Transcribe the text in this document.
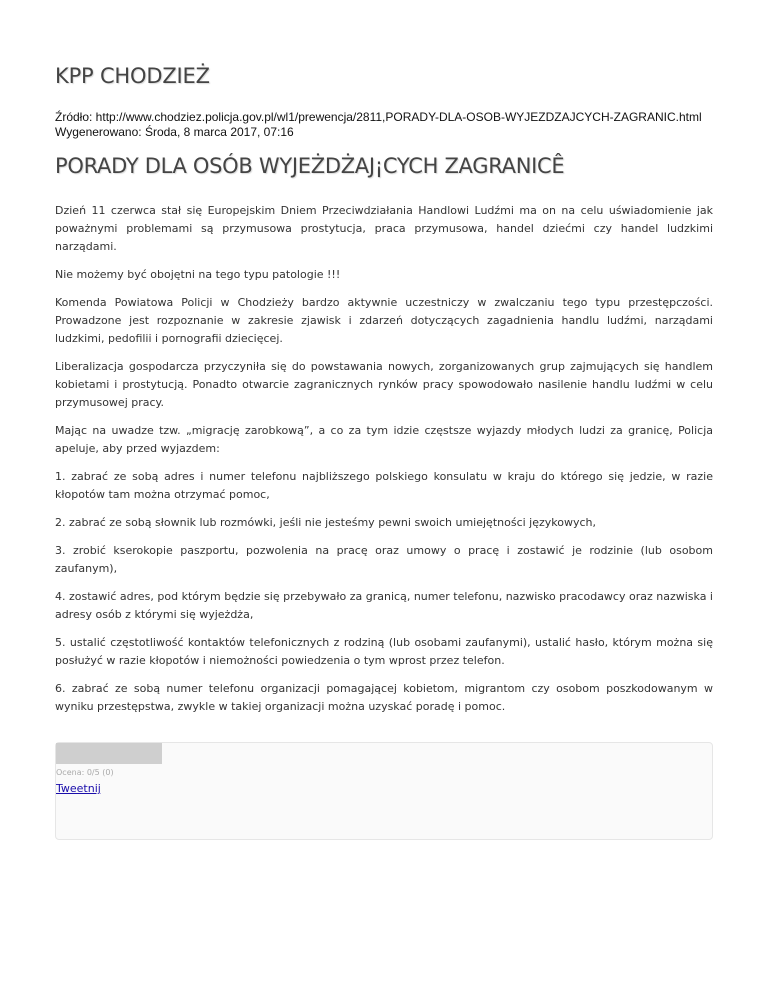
KPP CHODZIEŻ
Źródło: http://www.chodziez.policja.gov.pl/wl1/prewencja/2811,PORADY-DLA-OSOB-WYJEZDZAJCYCH-ZAGRANIC.html
Wygenerowano: Środa, 8 marca 2017, 07:16
PORADY DLA OSÓB WYJEŻDŻAJ¡CYCH ZAGRANICÊ

Dzień 11 czerwca stał się Europejskim Dniem Przeciwdziałania Handlowi Ludźmi ma on na celu uświadomienie jak poważnymi problemami są przymusowa prostytucja, praca przymusowa, handel dziećmi czy handel ludzkimi narządami.

Nie możemy być obojętni na tego typu patologie !!!

Komenda Powiatowa Policji w Chodzieży bardzo aktywnie uczestniczy w zwalczaniu tego typu przestępczości. Prowadzone jest rozpoznanie w zakresie zjawisk i zdarzeń dotyczących zagadnienia handlu ludźmi, narządami ludzkimi, pedofilii i pornografii dziecięcej.

Liberalizacja gospodarcza przyczyniła się do powstawania nowych, zorganizowanych grup zajmujących się handlem kobietami i prostytucją. Ponadto otwarcie zagranicznych rynków pracy spowodowało nasilenie handlu ludźmi w celu przymusowej pracy.

Mając na uwadze tzw. „migrację zarobkową”, a co za tym idzie częstsze wyjazdy młodych ludzi za granicę, Policja apeluje, aby przed wyjazdem:

1. zabrać ze sobą adres i numer telefonu najbliższego polskiego konsulatu w kraju do którego się jedzie, w razie kłopotów tam można otrzymać pomoc,

2. zabrać ze sobą słownik lub rozmówki, jeśli nie jesteśmy pewni swoich umiejętności językowych,

3. zrobić kserokopie paszportu, pozwolenia na pracę oraz umowy o pracę i zostawić je rodzinie (lub osobom zaufanym),

4. zostawić adres, pod którym będzie się przebywało za granicą, numer telefonu, nazwisko pracodawcy oraz nazwiska i adresy osób z którymi się wyjeżdża,

5. ustalić częstotliwość kontaktów telefonicznych z rodziną (lub osobami zaufanymi), ustalić hasło, którym można się posłużyć w razie kłopotów i niemożności powiedzenia o tym wprost przez telefon.

6. zabrać ze sobą numer telefonu organizacji pomagającej kobietom, migrantom czy osobom poszkodowanym w wyniku przestępstwa, zwykle w takiej organizacji można uzyskać poradę i pomoc.

Ocena: 0/5 (0)
Tweetnij
